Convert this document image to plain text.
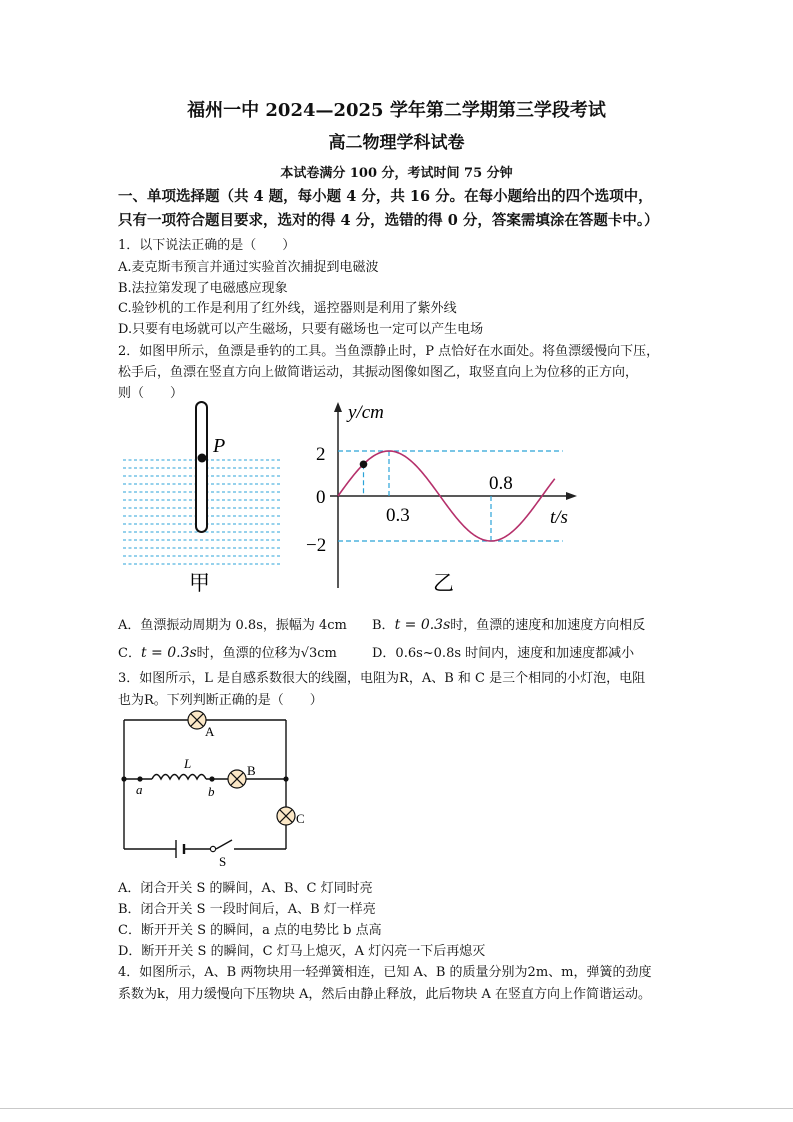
福州一中 2024—2025 学年第二学期第三学段考试
高二物理学科试卷
本试卷满分 100 分，考试时间 75 分钟
一、单项选择题（共 4 题，每小题 4 分，共 16 分。在每小题给出的四个选项中，
只有一项符合题目要求，选对的得 4 分，选错的得 0 分，答案需填涂在答题卡中。）
1．以下说法正确的是（　　）
A.麦克斯韦预言并通过实验首次捕捉到电磁波
B.法拉第发现了电磁感应现象
C.验钞机的工作是利用了红外线，遥控器则是利用了紫外线
D.只要有电场就可以产生磁场，只要有磁场也一定可以产生电场
2．如图甲所示，鱼漂是垂钓的工具。当鱼漂静止时，P 点恰好在水面处。将鱼漂缓慢向下压，
松手后，鱼漂在竖直方向上做简谐运动，其振动图像如图乙，取竖直向上为位移的正方向，
则（　　）
P
甲
y/cm
t/s
2
0
−2
0.3
0.8
乙
A．鱼漂振动周期为 0.8s，振幅为 4cm B．t = 0.3s时，鱼漂的速度和加速度方向相反
C．t = 0.3s时，鱼漂的位移为√3cm	D．0.6s~0.8s 时间内，速度和加速度都减小
3．如图所示，L 是自感系数很大的线圈，电阻为R，A、B 和 C 是三个相同的小灯泡，电阻
也为R。下列判断正确的是（　　）
A
B
C
L
a	b
S
A．闭合开关 S 的瞬间，A、B、C 灯同时亮
B．闭合开关 S 一段时间后，A、B 灯一样亮
C．断开开关 S 的瞬间，a 点的电势比 b 点高
D．断开开关 S 的瞬间，C 灯马上熄灭，A 灯闪亮一下后再熄灭
4．如图所示，A、B 两物块用一轻弹簧相连，已知 A、B 的质量分别为2m、m，弹簧的劲度
系数为k，用力缓慢向下压物块 A，然后由静止释放，此后物块 A 在竖直方向上作简谐运动。
